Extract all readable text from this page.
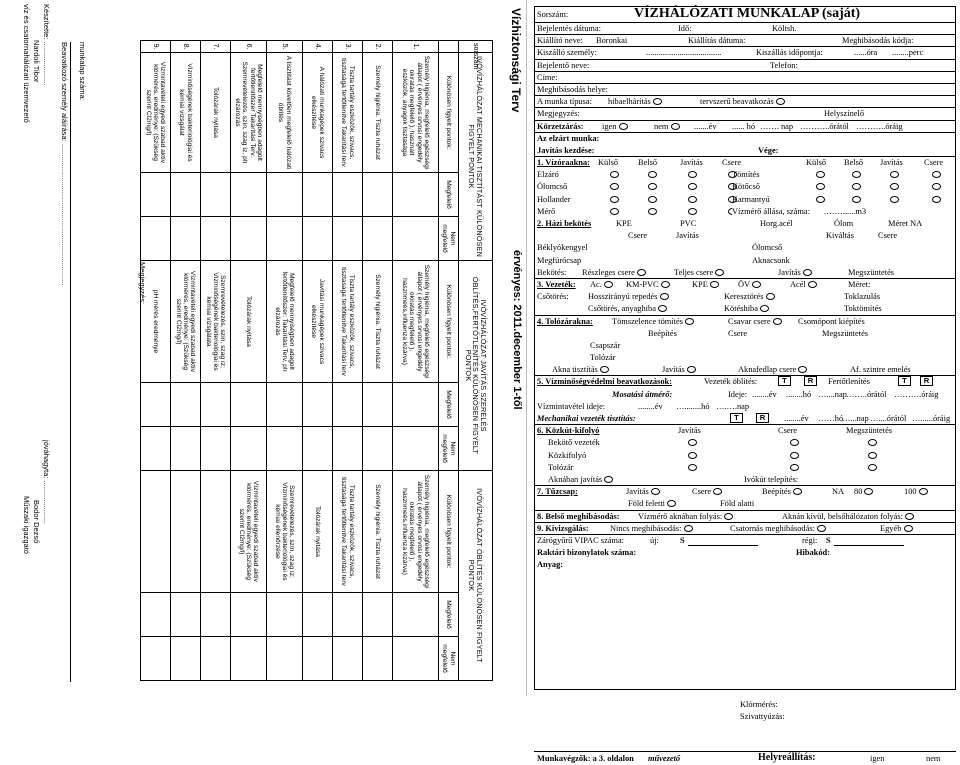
Vízhiztonsági Terv
érvényes: 2011.december 1-től
sorszám	IVÓVÍZHÁLÓZAT MECHANIKAI TISZTÍTÁST KÜLÖNÖSEN FIGYELT PONTOK		
	Különösen figyelt pontok:	Megfelelő	Nem megfelelő
1.	Személy higiénia, megfelelő egészségi állapot ( érvényes orvosi engedély okiratás megfelelő ), használt eszközök, anyagok tisztasága		
2.	Személy higiénia. Tiszta ruházat		
3.	Tiszta tartály eszközök, szivacs, tisztasága fertőtlenítve Takarítási terv		
4.	A hálózati munkagépek szivacs elkészítése		
5.	A tisztítást követően megfelelő hálózati öblítés		
6.	Megfelelő mennyiségben adagolt fertőtlenítőszer Takarítási Terv. Szemrevételezés, szín, szag íz, ph elzározás		
7.	Tolózárak nyitása		
8.	Vízminőségének bakteriológiai és kémiai vizsgálat		
9.	Vízmintavételi egyedi szabad aktív klórmérés, eredménye: (Szükség szerint Cl2mg/l)		
IVÓVÍZHÁLÓZAT JAVÍTÁS SZERELÉS ÖBLÍTÉS,FERTŐTLENÍTÉS KÜLÖNÖSEN FIGYELT PONTOK		
Különösen figyelt pontok:	Megfelelő	Nem megfelelő
Személy higiénia, megfelelő egészségi állapot ( érvényes orvosi engedély okiratás megfelelő ), hasznmeés,influenza kizárva)		
Személy higiénia. Tiszta ruházat		
Tiszta tartály eszközök, szivacs, tisztasága fertőtlenítve Takarítási terv		
Javítási munkagépek szivacs elkészítése		
Megfelelő mennyiségben adagolt fertőtlenítőszer: Takarítási Terv, ph elzározás		
Tolózárak nyitása		
Szemrevételezés, szín, szag íz; Vízminőségének bakteriológiai és kémiai vizsgálata		
Vízmintavételi egyedi szabad aktív klórmérés, eredménye: (Szükség szerint Cl2mg/l)		
pH mérés eredménye		
IVÓVÍZHÁLÓZAT ÖBLÍTÉS KÜLÖNÖSEN FIGYELT PONTOK		
Különösen figyelt pontok:	Megfelelő	Nem megfelelő
Személy higiénia, megfelelő egészségi állapot ( érvényes orvosi engedély okiratás megfelelő ), hasznmeés,influenza kizárva)		
Személy higiénia. Tiszta ruházat		
Tiszta tartály eszközök, szivacs, tisztasága fertőtlenítve Takarítási terv		
Tolózárak nyitása		
Szemrevételezés, szín, szag íz; Vízminőségének bakteriológiai és kémiai ellenőrzése		
Vízmintavételi egyedi szabad aktív klórmérés, eredménye: (Szükség szerint Cl2mg/l)		

munkalap száma:
Megjegyzés:
Beavatkozó személy aláírása: ....................................................................
Készítette: .....................
Nardoli Tibor
víz és csatornahálózati üzemvezető
jóváhagyta: .....................
Bodor Dezső
Műszaki igazgató
Sorszám:	VÍZHÁLÓZATI MUNKALAP (saját)
Bejelentés dátuma:	Idő:	Költsh.
Kiállító neve: Boronkai	Kiállítás dátuma:	Meghibásodás kódja:
Kiszálló személy:	....................................	Kiszállás időpontja:	......óra ........perc
Bejelentő neve:	Telefon:
Címe:
Meghibásodás helye:
A munka típusa: hibaelhárítás	tervszerű beavatkozás
Megjegyzés:	Helyszínelő
Körzetzárás: igen	nem	.......év ...... hó ……. nap ………..órától ………..óráig
Az elzárt munka:
Javítás kezdése:	Vége:
1. Vízóraakna: Külső Belső	Javítás Csere	Külső Belső Javítás	Csere
Elzáró	Tömítés
Ólomcső	Kötőcső
Hollander	Karmantyú
Mérő	Vízmérő állása, száma: .……......m3
2. Házi bekötés	KPE	PVC	Horg.acél	Ólom	Méret NA
Csere	Javítás	Kiváltás	Csere
Béklyókengyel	Ólomcső
Megfúrócsap	Aknacsonk
Bekötés: Részleges csere	Teljes csere	Javítás	Megszüntetés
3. Vezeték: Ac.	KM-PVC	KPE	ÖV	Acél	Méret:
Csőtörés: Hosszirányú repedés	Keresztörés	Toklazulás
Csőtörés, anyaghiba	Kötéshiba	Toktömítés
4. Tolózáraknа: Tömszelence tömítés	Csavar csere	Csomópont kiépítés
Beépítés	Csere	Megszüntetés
Csapszár
Tolózár
Akna tisztítás	Javítás	Aknafedlap csere	Af. szintre emelés
5. Vízminőségvédelmi beavatkozások:	Vezeték öblítés:	T	R	Fertőtlenítés	T	R
Mosatási átmérő:	Ideje: ........év ........hó …....nap ……..órától ……….óráig
Vízmintavétel ideje:	........év …........hó ….….nap
Mechanikai vezeték tisztítás:	T	R	........év ……hó
…...nap …....órától …......óráig
6. Közkút-kifolyó	Javítás	Csere	Megszüntetés
Bekötő vezeték
Közkifolyó
Tolózár
Aknában javítás	Ivókút telepítés:
7. Tűzcsap:	Javítás	Csere	Beépítés	NA 80	100
Föld feletti	Föld alatti
8. Belső meghibásodás: Vízmérő aknában folyás:	Aknán kívül, belsőhálózaton folyás:
9. Kivizsgálás:	Nincs meghibásodás:	Csatornás meghibásodás:	Egyéb
Zárógyűrű VIPAC száma:	új:	S	régi: S
Raktári bizonylatok száma:	Hibakód:
Anyag:
Klórmérés:
Szivattyúzás:
Munkavégzők: a 3. oldalon művezető	Helyreállítás:	igen	nem
